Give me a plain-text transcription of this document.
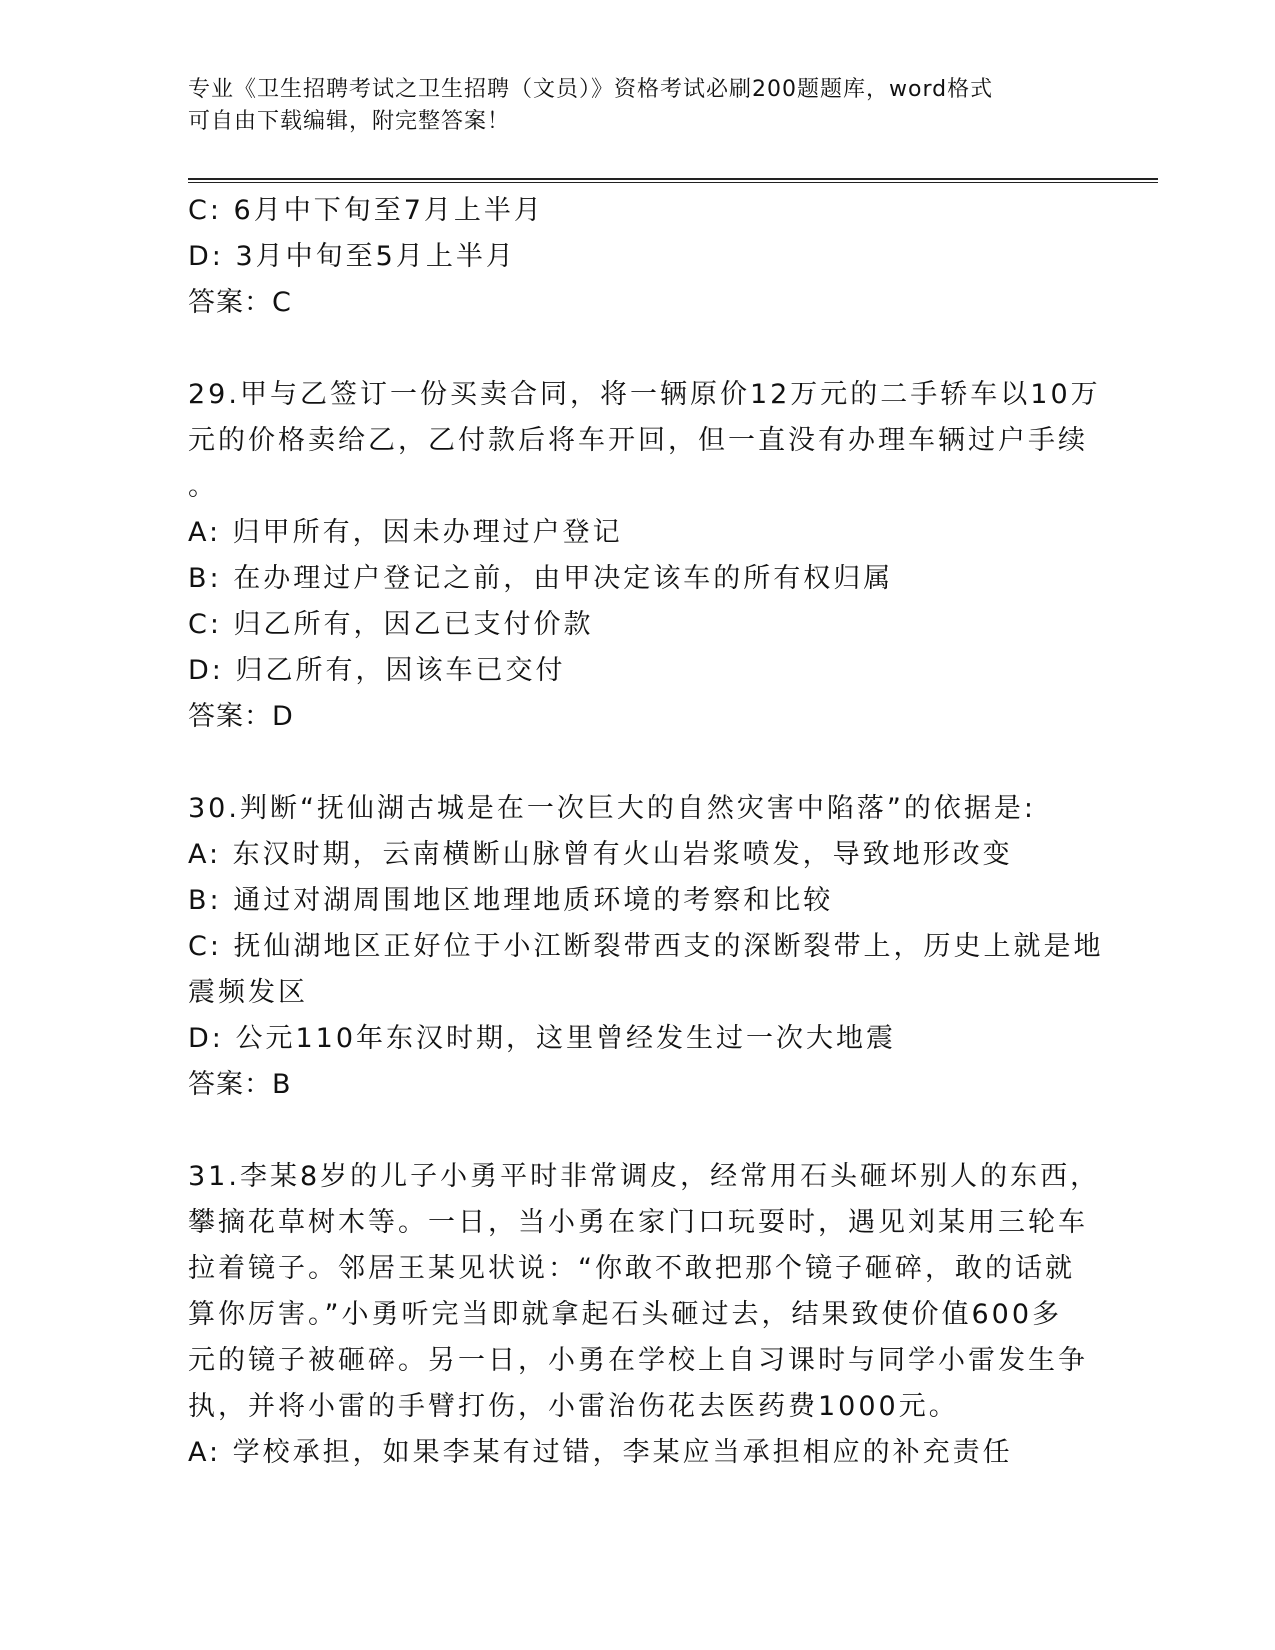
专业《卫生招聘考试之卫生招聘（文员）》资格考试必刷200题题库，word格式
可自由下载编辑，附完整答案！
C: 6月中下旬至7月上半月
D: 3月中旬至5月上半月
答案：C
29.甲与乙签订一份买卖合同，将一辆原价12万元的二手轿车以10万
元的价格卖给乙，乙付款后将车开回，但一直没有办理车辆过户手续
。
A: 归甲所有，因未办理过户登记
B: 在办理过户登记之前，由甲决定该车的所有权归属
C: 归乙所有，因乙已支付价款
D: 归乙所有，因该车已交付
答案：D
30.判断“抚仙湖古城是在一次巨大的自然灾害中陷落”的依据是:
A: 东汉时期，云南横断山脉曾有火山岩浆喷发，导致地形改变
B: 通过对湖周围地区地理地质环境的考察和比较
C: 抚仙湖地区正好位于小江断裂带西支的深断裂带上，历史上就是地
震频发区
D: 公元110年东汉时期，这里曾经发生过一次大地震
答案：B
31.李某8岁的儿子小勇平时非常调皮，经常用石头砸坏别人的东西，
攀摘花草树木等。一日，当小勇在家门口玩耍时，遇见刘某用三轮车
拉着镜子。邻居王某见状说：“你敢不敢把那个镜子砸碎，敢的话就
算你厉害。”小勇听完当即就拿起石头砸过去，结果致使价值600多
元的镜子被砸碎。另一日，小勇在学校上自习课时与同学小雷发生争
执，并将小雷的手臂打伤，小雷治伤花去医药费1000元。
A: 学校承担，如果李某有过错，李某应当承担相应的补充责任
